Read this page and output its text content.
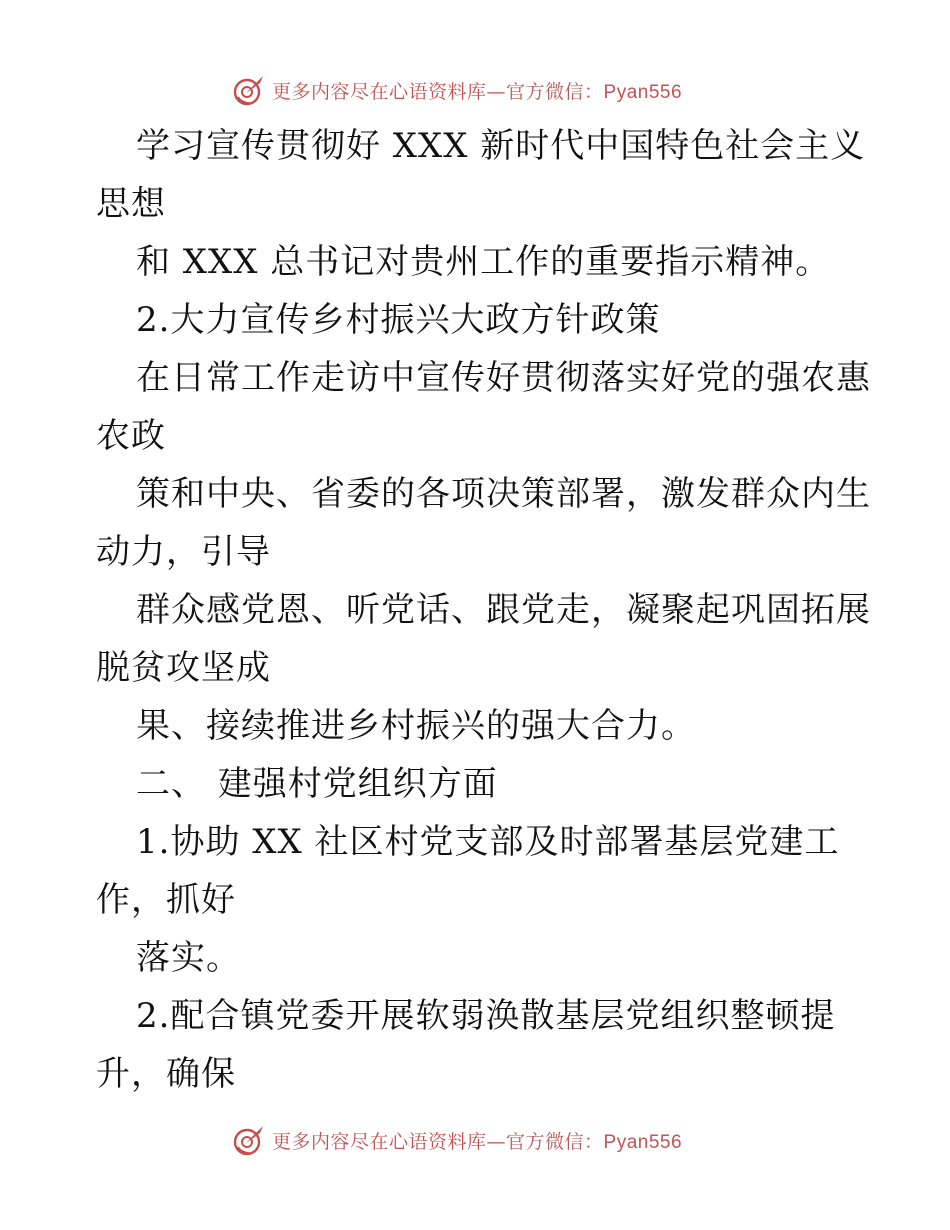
更多内容尽在心语资料库—官方微信：Pyan556
学习宣传贯彻好 XXX 新时代中国特色社会主义
思想
和 XXX 总书记对贵州工作的重要指示精神。
2.大力宣传乡村振兴大政方针政策
在日常工作走访中宣传好贯彻落实好党的强农惠
农政
策和中央、省委的各项决策部署，激发群众内生
动力，引导
群众感党恩、听党话、跟党走，凝聚起巩固拓展
脱贫攻坚成
果、接续推进乡村振兴的强大合力。
二、 建强村党组织方面
1.协助 XX 社区村党支部及时部署基层党建工
作，抓好
落实。
2.配合镇党委开展软弱涣散基层党组织整顿提
升，确保
更多内容尽在心语资料库—官方微信：Pyan556
